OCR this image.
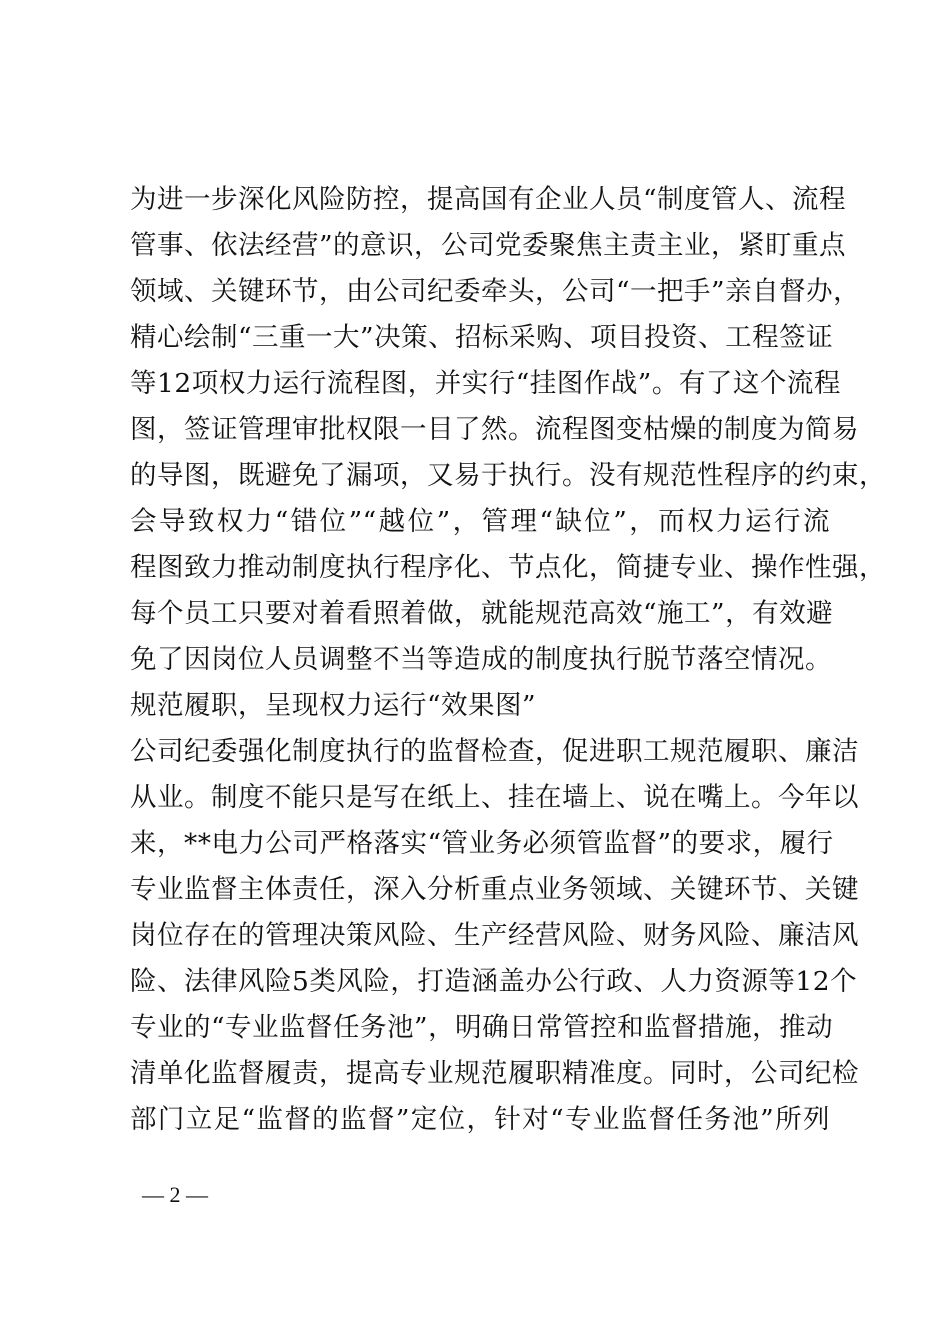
为进一步深化风险防控，提高国有企业人员“制度管人、流程
管事、依法经营”的意识，公司党委聚焦主责主业，紧盯重点
领域、关键环节，由公司纪委牵头，公司“一把手”亲自督办，
精心绘制“三重一大”决策、招标采购、项目投资、工程签证
等12项权力运行流程图，并实行“挂图作战”。有了这个流程
图，签证管理审批权限一目了然。流程图变枯燥的制度为简易
的导图，既避免了漏项，又易于执行。没有规范性程序的约束，
会导致权力“错位”“越位”，管理“缺位”，而权力运行流
程图致力推动制度执行程序化、节点化，简捷专业、操作性强，
每个员工只要对着看照着做，就能规范高效“施工”，有效避
免了因岗位人员调整不当等造成的制度执行脱节落空情况。
规范履职，呈现权力运行“效果图”
公司纪委强化制度执行的监督检查，促进职工规范履职、廉洁
从业。制度不能只是写在纸上、挂在墙上、说在嘴上。今年以
来，**电力公司严格落实“管业务必须管监督”的要求，履行
专业监督主体责任，深入分析重点业务领域、关键环节、关键
岗位存在的管理决策风险、生产经营风险、财务风险、廉洁风
险、法律风险5类风险，打造涵盖办公行政、人力资源等12个
专业的“专业监督任务池”，明确日常管控和监督措施，推动
清单化监督履责，提高专业规范履职精准度。同时，公司纪检
部门立足“监督的监督”定位，针对“专业监督任务池”所列
— 2 —
